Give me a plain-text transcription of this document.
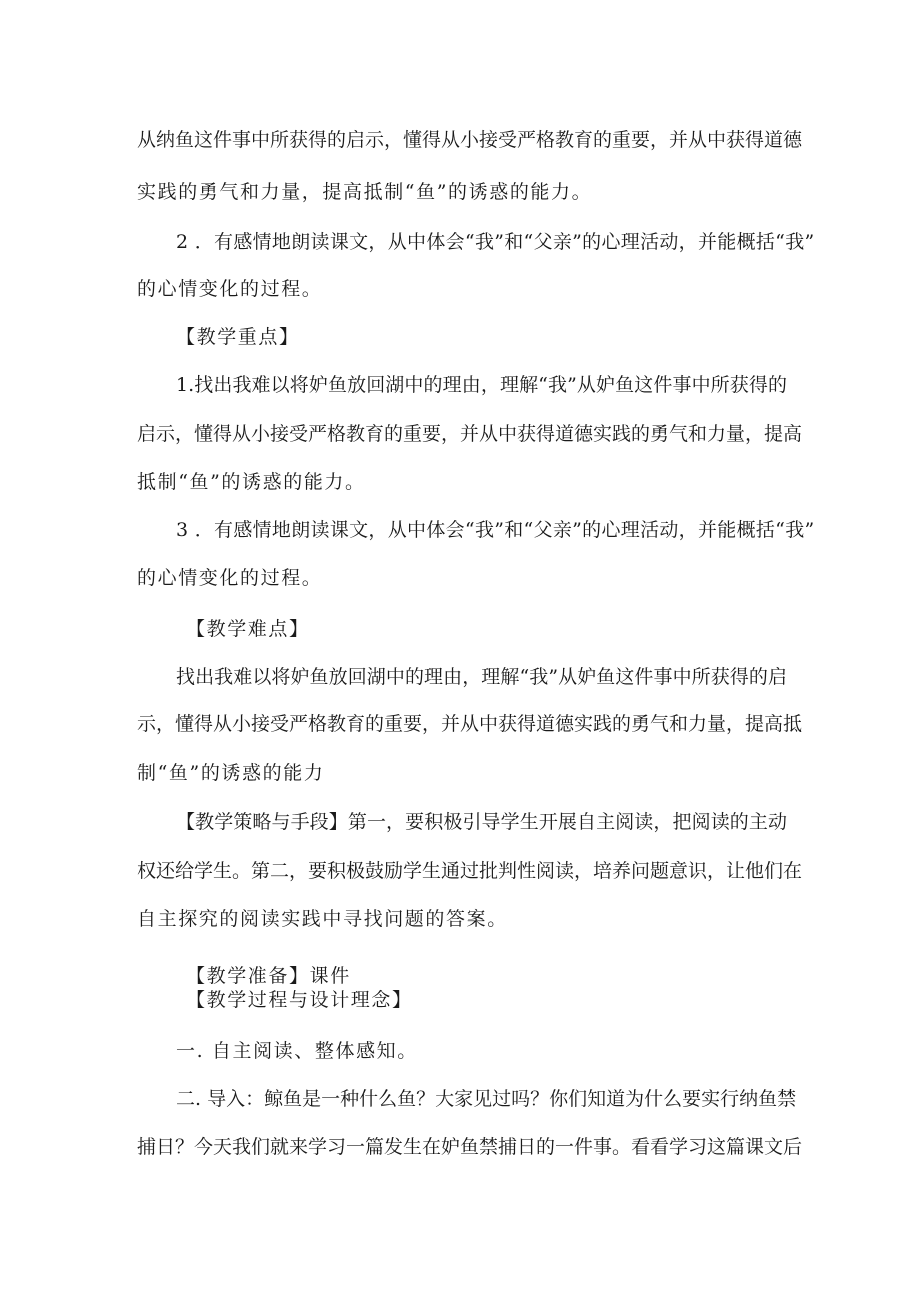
从纳鱼这件事中所获得的启示，懂得从小接受严格教育的重要，并从中获得道德
实践的勇气和力量，提高抵制“鱼”的诱惑的能力。
2 ．有感情地朗读课文，从中体会“我”和“父亲”的心理活动，并能概括“我”
的心情变化的过程。
【教学重点】
1.找出我难以将妒鱼放回湖中的理由，理解“我”从妒鱼这件事中所获得的
启示，懂得从小接受严格教育的重要，并从中获得道德实践的勇气和力量，提高
抵制“鱼”的诱惑的能力。
3 ．有感情地朗读课文，从中体会“我”和“父亲”的心理活动，并能概括“我”
的心情变化的过程。
【教学难点】
找出我难以将妒鱼放回湖中的理由，理解“我”从妒鱼这件事中所获得的启
示，懂得从小接受严格教育的重要，并从中获得道德实践的勇气和力量，提高抵
制“鱼”的诱惑的能力
【教学策略与手段】第一，要积极引导学生开展自主阅读，把阅读的主动
权还给学生。第二，要积极鼓励学生通过批判性阅读，培养问题意识，让他们在
自主探究的阅读实践中寻找问题的答案。
【教学准备】课件
【教学过程与设计理念】
一. 自主阅读、整体感知。
二. 导入：鲸鱼是一种什么鱼？大家见过吗？你们知道为什么要实行纳鱼禁
捕日？今天我们就来学习一篇发生在妒鱼禁捕日的一件事。看看学习这篇课文后
